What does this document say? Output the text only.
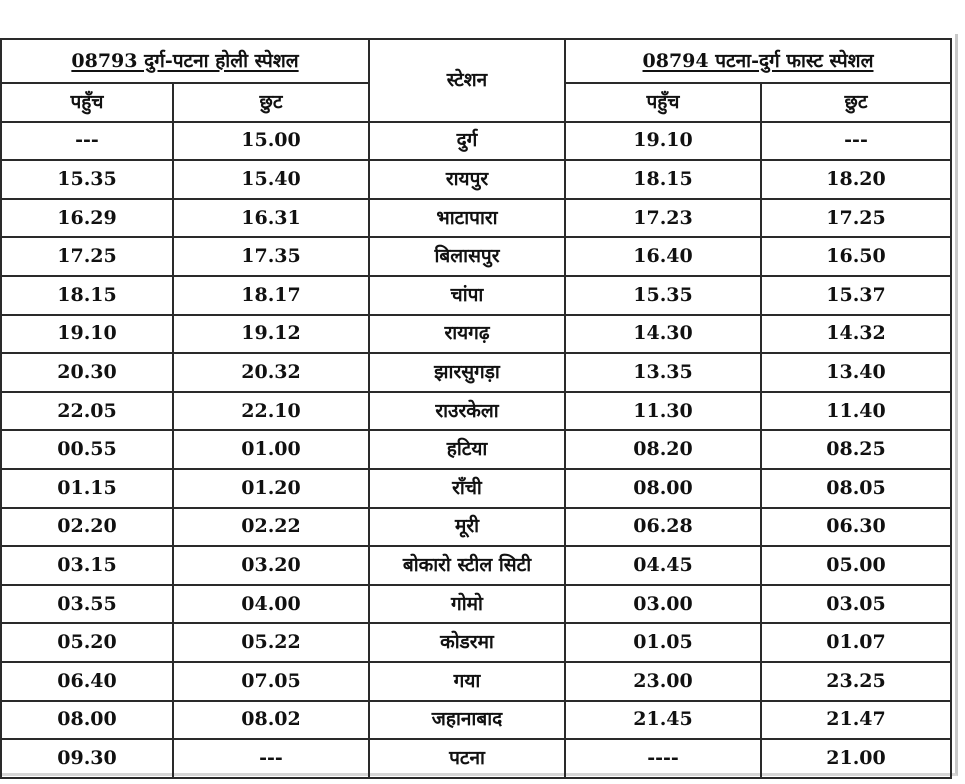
08793 दुर्ग-पटना होली स्पेशल		स्टेशन	08794 पटना-दुर्ग फास्ट स्पेशल	
पहुँच	छुट		पहुँच	छुट
---	15.00	दुर्ग	19.10	---
15.35	15.40	रायपुर	18.15	18.20
16.29	16.31	भाटापारा	17.23	17.25
17.25	17.35	बिलासपुर	16.40	16.50
18.15	18.17	चांपा	15.35	15.37
19.10	19.12	रायगढ़	14.30	14.32
20.30	20.32	झारसुगड़ा	13.35	13.40
22.05	22.10	राउरकेला	11.30	11.40
00.55	01.00	हटिया	08.20	08.25
01.15	01.20	राँची	08.00	08.05
02.20	02.22	मूरी	06.28	06.30
03.15	03.20	बोकारो स्टील सिटी	04.45	05.00
03.55	04.00	गोमो	03.00	03.05
05.20	05.22	कोडरमा	01.05	01.07
06.40	07.05	गया	23.00	23.25
08.00	08.02	जहानाबाद	21.45	21.47
09.30	---	पटना	----	21.00
